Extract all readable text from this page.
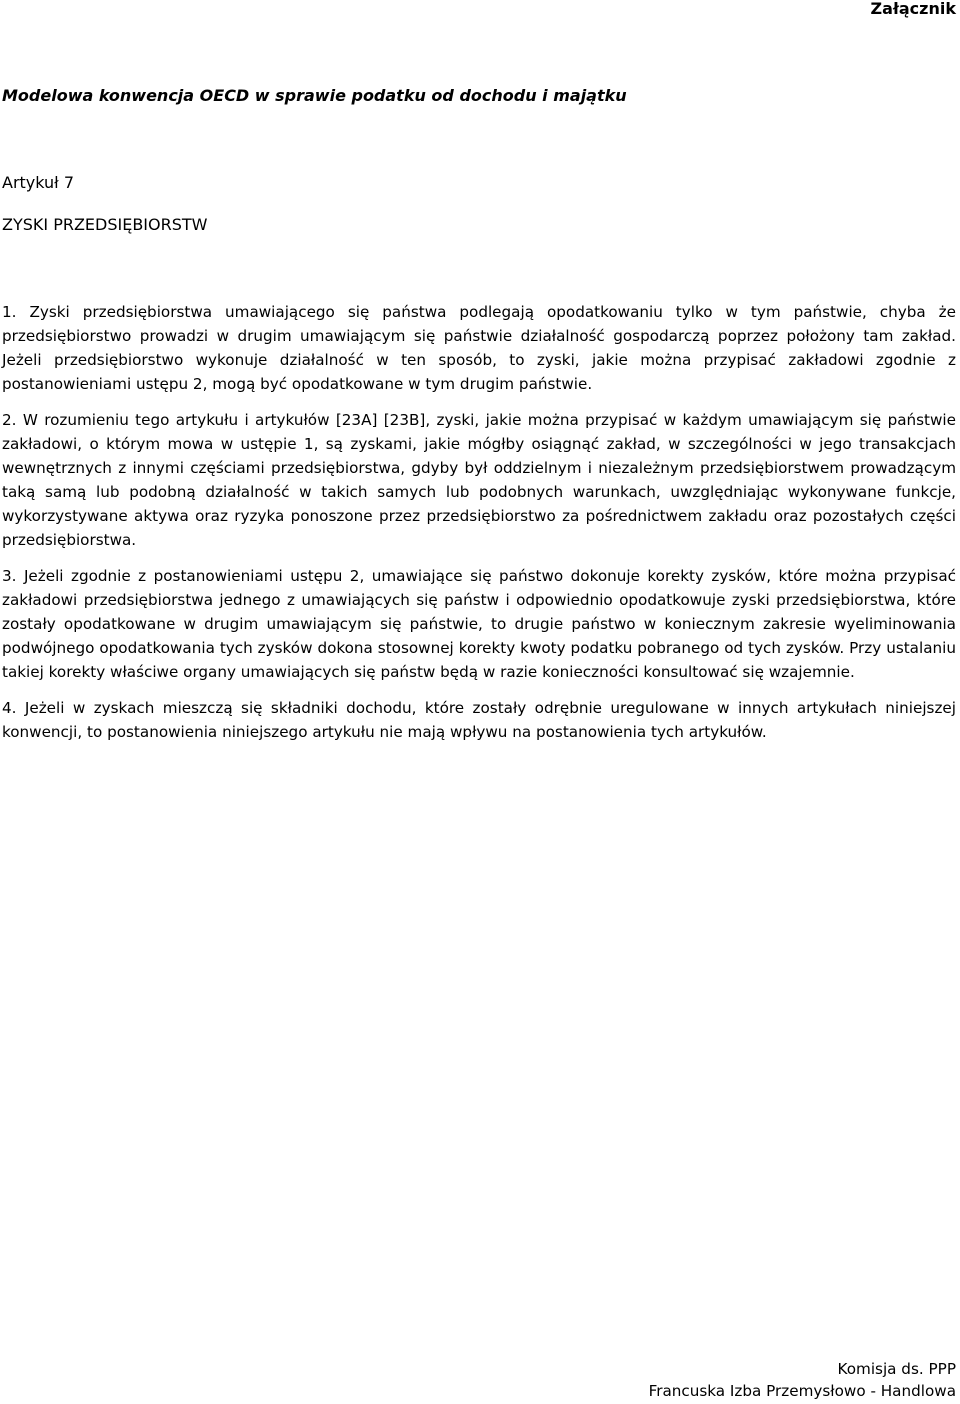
Załącznik

Modelowa konwencja OECD w sprawie podatku od dochodu i majątku

Artykuł 7

ZYSKI PRZEDSIĘBIORSTW

1. Zyski przedsiębiorstwa umawiającego się państwa podlegają opodatkowaniu tylko w tym państwie, chyba że przedsiębiorstwo prowadzi w drugim umawiającym się państwie działalność gospodarczą poprzez położony tam zakład. Jeżeli przedsiębiorstwo wykonuje działalność w ten sposób, to zyski, jakie można przypisać zakładowi zgodnie z postanowieniami ustępu 2, mogą być opodatkowane w tym drugim państwie.

2. W rozumieniu tego artykułu i artykułów [23A] [23B], zyski, jakie można przypisać w każdym umawiającym się państwie zakładowi, o którym mowa w ustępie 1, są zyskami, jakie mógłby osiągnąć zakład, w szczególności w jego transakcjach wewnętrznych z innymi częściami przedsiębiorstwa, gdyby był oddzielnym i niezależnym przedsiębiorstwem prowadzącym taką samą lub podobną działalność w takich samych lub podobnych warunkach, uwzględniając wykonywane funkcje, wykorzystywane aktywa oraz ryzyka ponoszone przez przedsiębiorstwo za pośrednictwem zakładu oraz pozostałych części przedsiębiorstwa.

3. Jeżeli zgodnie z postanowieniami ustępu 2, umawiające się państwo dokonuje korekty zysków, które można przypisać zakładowi przedsiębiorstwa jednego z umawiających się państw i odpowiednio opodatkowuje zyski przedsiębiorstwa, które zostały opodatkowane w drugim umawiającym się państwie, to drugie państwo w koniecznym zakresie wyeliminowania podwójnego opodatkowania tych zysków dokona stosownej korekty kwoty podatku pobranego od tych zysków. Przy ustalaniu takiej korekty właściwe organy umawiających się państw będą w razie konieczności konsultować się wzajemnie.

4. Jeżeli w zyskach mieszczą się składniki dochodu, które zostały odrębnie uregulowane w innych artykułach niniejszej konwencji, to postanowienia niniejszego artykułu nie mają wpływu na postanowienia tych artykułów.

Komisja ds. PPP
Francuska Izba Przemysłowo - Handlowa
